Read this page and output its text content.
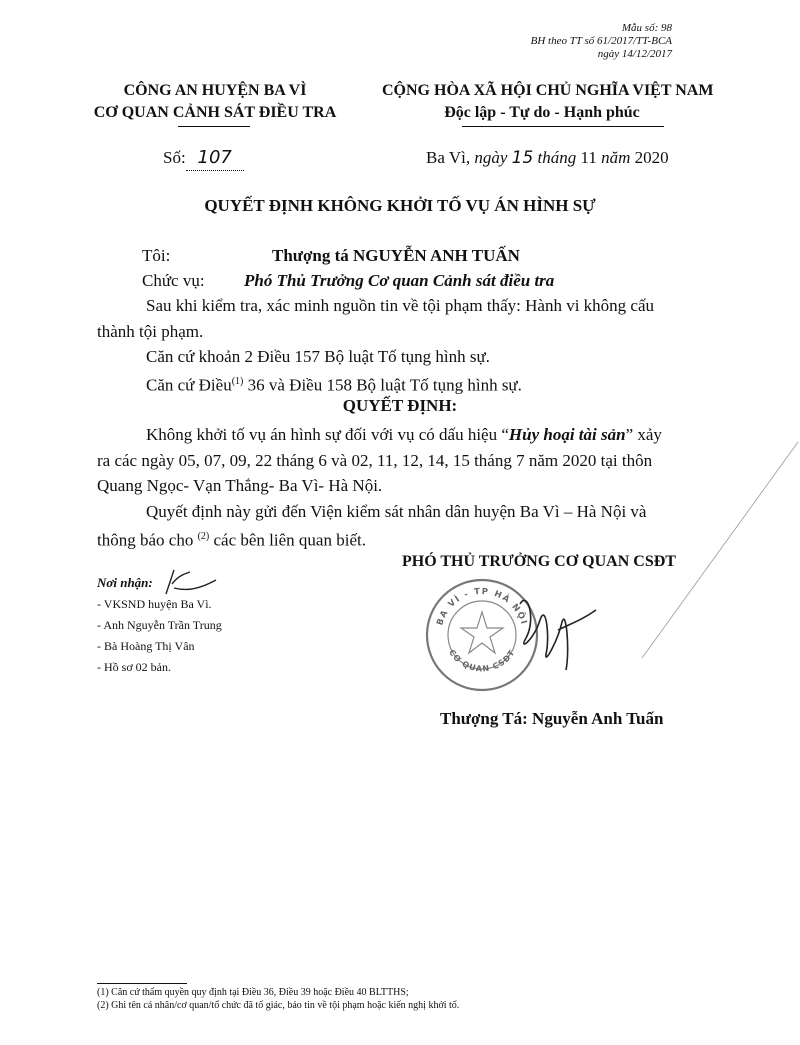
Mẫu số: 98
BH theo TT số 61/2017/TT-BCA
ngày 14/12/2017
CÔNG AN HUYỆN BA VÌ
CƠ QUAN CẢNH SÁT ĐIỀU TRA
CỘNG HÒA XÃ HỘI CHỦ NGHĨA VIỆT NAM
Độc lập - Tự do - Hạnh phúc
Số: 107	Ba Vì, ngày 15 tháng 11 năm 2020
QUYẾT ĐỊNH KHÔNG KHỞI TỐ VỤ ÁN HÌNH SỰ
Tôi:	Thượng tá NGUYỄN ANH TUẤN
Chức vụ: Phó Thủ Trưởng Cơ quan Cảnh sát điều tra
Sau khi kiểm tra, xác minh nguồn tin về tội phạm thấy: Hành vi không cấu
thành tội phạm.
Căn cứ khoản 2 Điều 157 Bộ luật Tố tụng hình sự.
Căn cứ Điều$^{(1)}$ 36 và Điều 158 Bộ luật Tố tụng hình sự.
QUYẾT ĐỊNH:
Không khởi tố vụ án hình sự đối với vụ có dấu hiệu “Hủy hoại tài sản” xảy
ra các ngày 05, 07, 09, 22 tháng 6 và 02, 11, 12, 14, 15 tháng 7 năm 2020 tại thôn
Quang Ngọc- Vạn Thắng- Ba Vì- Hà Nội.
Quyết định này gửi đến Viện kiểm sát nhân dân huyện Ba Vì – Hà Nội và
thông báo cho $^{(2)}$ các bên liên quan biết.
PHÓ THỦ TRƯỞNG CƠ QUAN CSĐT
Nơi nhận:
- VKSND huyện Ba Vì.
- Anh Nguyễn Trần Trung
- Bà Hoàng Thị Vân
- Hồ sơ 02 bản.
BA VÌ - TP HÀ NỘI
CƠ QUAN CSĐT
Thượng Tá: Nguyễn Anh Tuấn
(1) Căn cứ thẩm quyền quy định tại Điều 36, Điều 39 hoặc Điều 40 BLTTHS;
(2) Ghi tên cá nhân/cơ quan/tổ chức đã tố giác, báo tin về tội phạm hoặc kiến nghị khởi tố.
